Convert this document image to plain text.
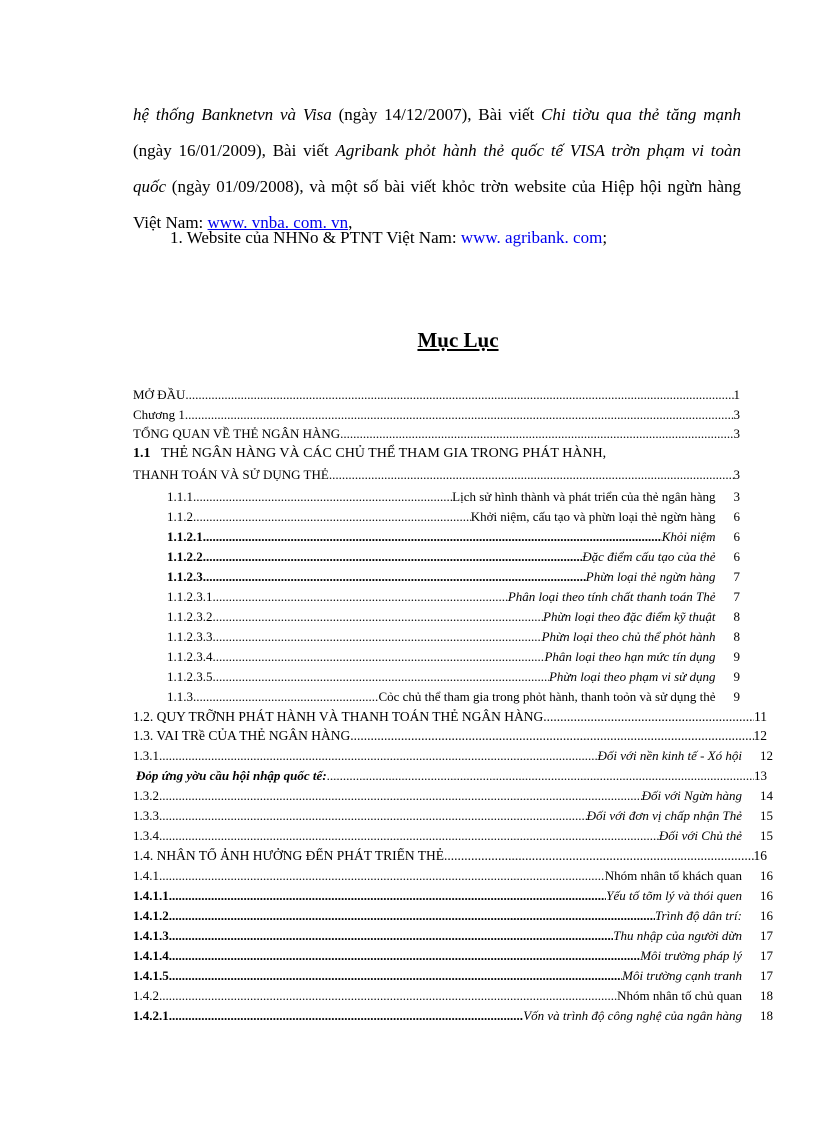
hệ thống Banknetvn và Visa (ngày 14/12/2007), Bài viết Chi tiờu qua thẻ tăng mạnh (ngày 16/01/2009), Bài viết Agribank phỏt hành thẻ quốc tế VISA trờn phạm vi toàn quốc (ngày 01/09/2008), và một số bài viết khỏc trờn website của Hiệp hội ngừn hàng Việt Nam: www. vnba. com. vn,
1. Website của NHNo & PTNT Việt Nam: www. agribank. com;
Mục Lục
MỞ ĐẦU .....	1
Chương 1 .....	3
TỔNG QUAN VỀ THẺ NGÂN HÀNG .....	3
1.1 THẺ NGÂN HÀNG VÀ CÁC CHỦ THỂ THAM GIA TRONG PHÁT HÀNH,
THANH TOÁN VÀ SỬ DỤNG THẺ .....	3
1.1.1. .....	Lịch sử hình thành và phát triển của thẻ ngân hàng 3
1.1.2. .....	Khởi niệm, cấu tạo và phừn loại thẻ ngừn hàng 6
1.1.2.1. .....	Khỏi niệm 6
1.1.2.2 .....	Đặc điểm cấu tạo của thẻ 6
1.1.2.3. .....	Phừn loại thẻ ngừn hàng 7
1.1.2.3.1. .....	Phân loại theo tính chất thanh toán Thẻ 7
1.1.2.3.2. .....	Phừn loại theo đặc điểm kỹ thuật 8
1.1.2.3.3. .....	Phừn loại theo chủ thể phỏt hành 8
1.1.2.3.4. .....	Phân loại theo hạn mức tín dụng 9
1.1.2.3.5. .....	Phừn loại theo phạm vi sử dụng 9
1.1.3. .....	Cỏc chủ thể tham gia trong phỏt hành, thanh toỏn và sử dụng thẻ 9
1.2. QUY TRỠNH PHÁT HÀNH VÀ THANH TOÁN THẺ NGÂN HÀNG .....	11
1.3. VAI TRề CỦA THẺ NGÂN HÀNG .....	12
1.3.1. .....	Đối với nền kinh tế - Xó hội 12
Đỏp ứng yờu cầu hội nhập quốc tế: .....	13
1.3.2. .....	Đối với Ngừn hàng 14
1.3.3 .....	Đối với đơn vị chấp nhận Thẻ 15
1.3.4. .....	Đối với Chủ thẻ 15
1.4. NHÂN TỐ ẢNH HƯỞNG ĐẾN PHÁT TRIỂN THẺ .....	16
1.4.1. .....	Nhóm nhân tố khách quan 16
1.4.1.1. .....	Yếu tố tõm lý và thói quen 16
1.4.1.2 .....	Trình độ dân trí: 16
1.4.1.3. .....	Thu nhập của người dừn 17
1.4.1.4. .....	Môi trường pháp lý 17
1.4.1.5. .....	Môi trường cạnh tranh 17
1.4.2. .....	Nhóm nhân tố chủ quan 18
1.4.2.1. .....	Vốn và trình độ công nghệ của ngân hàng 18
